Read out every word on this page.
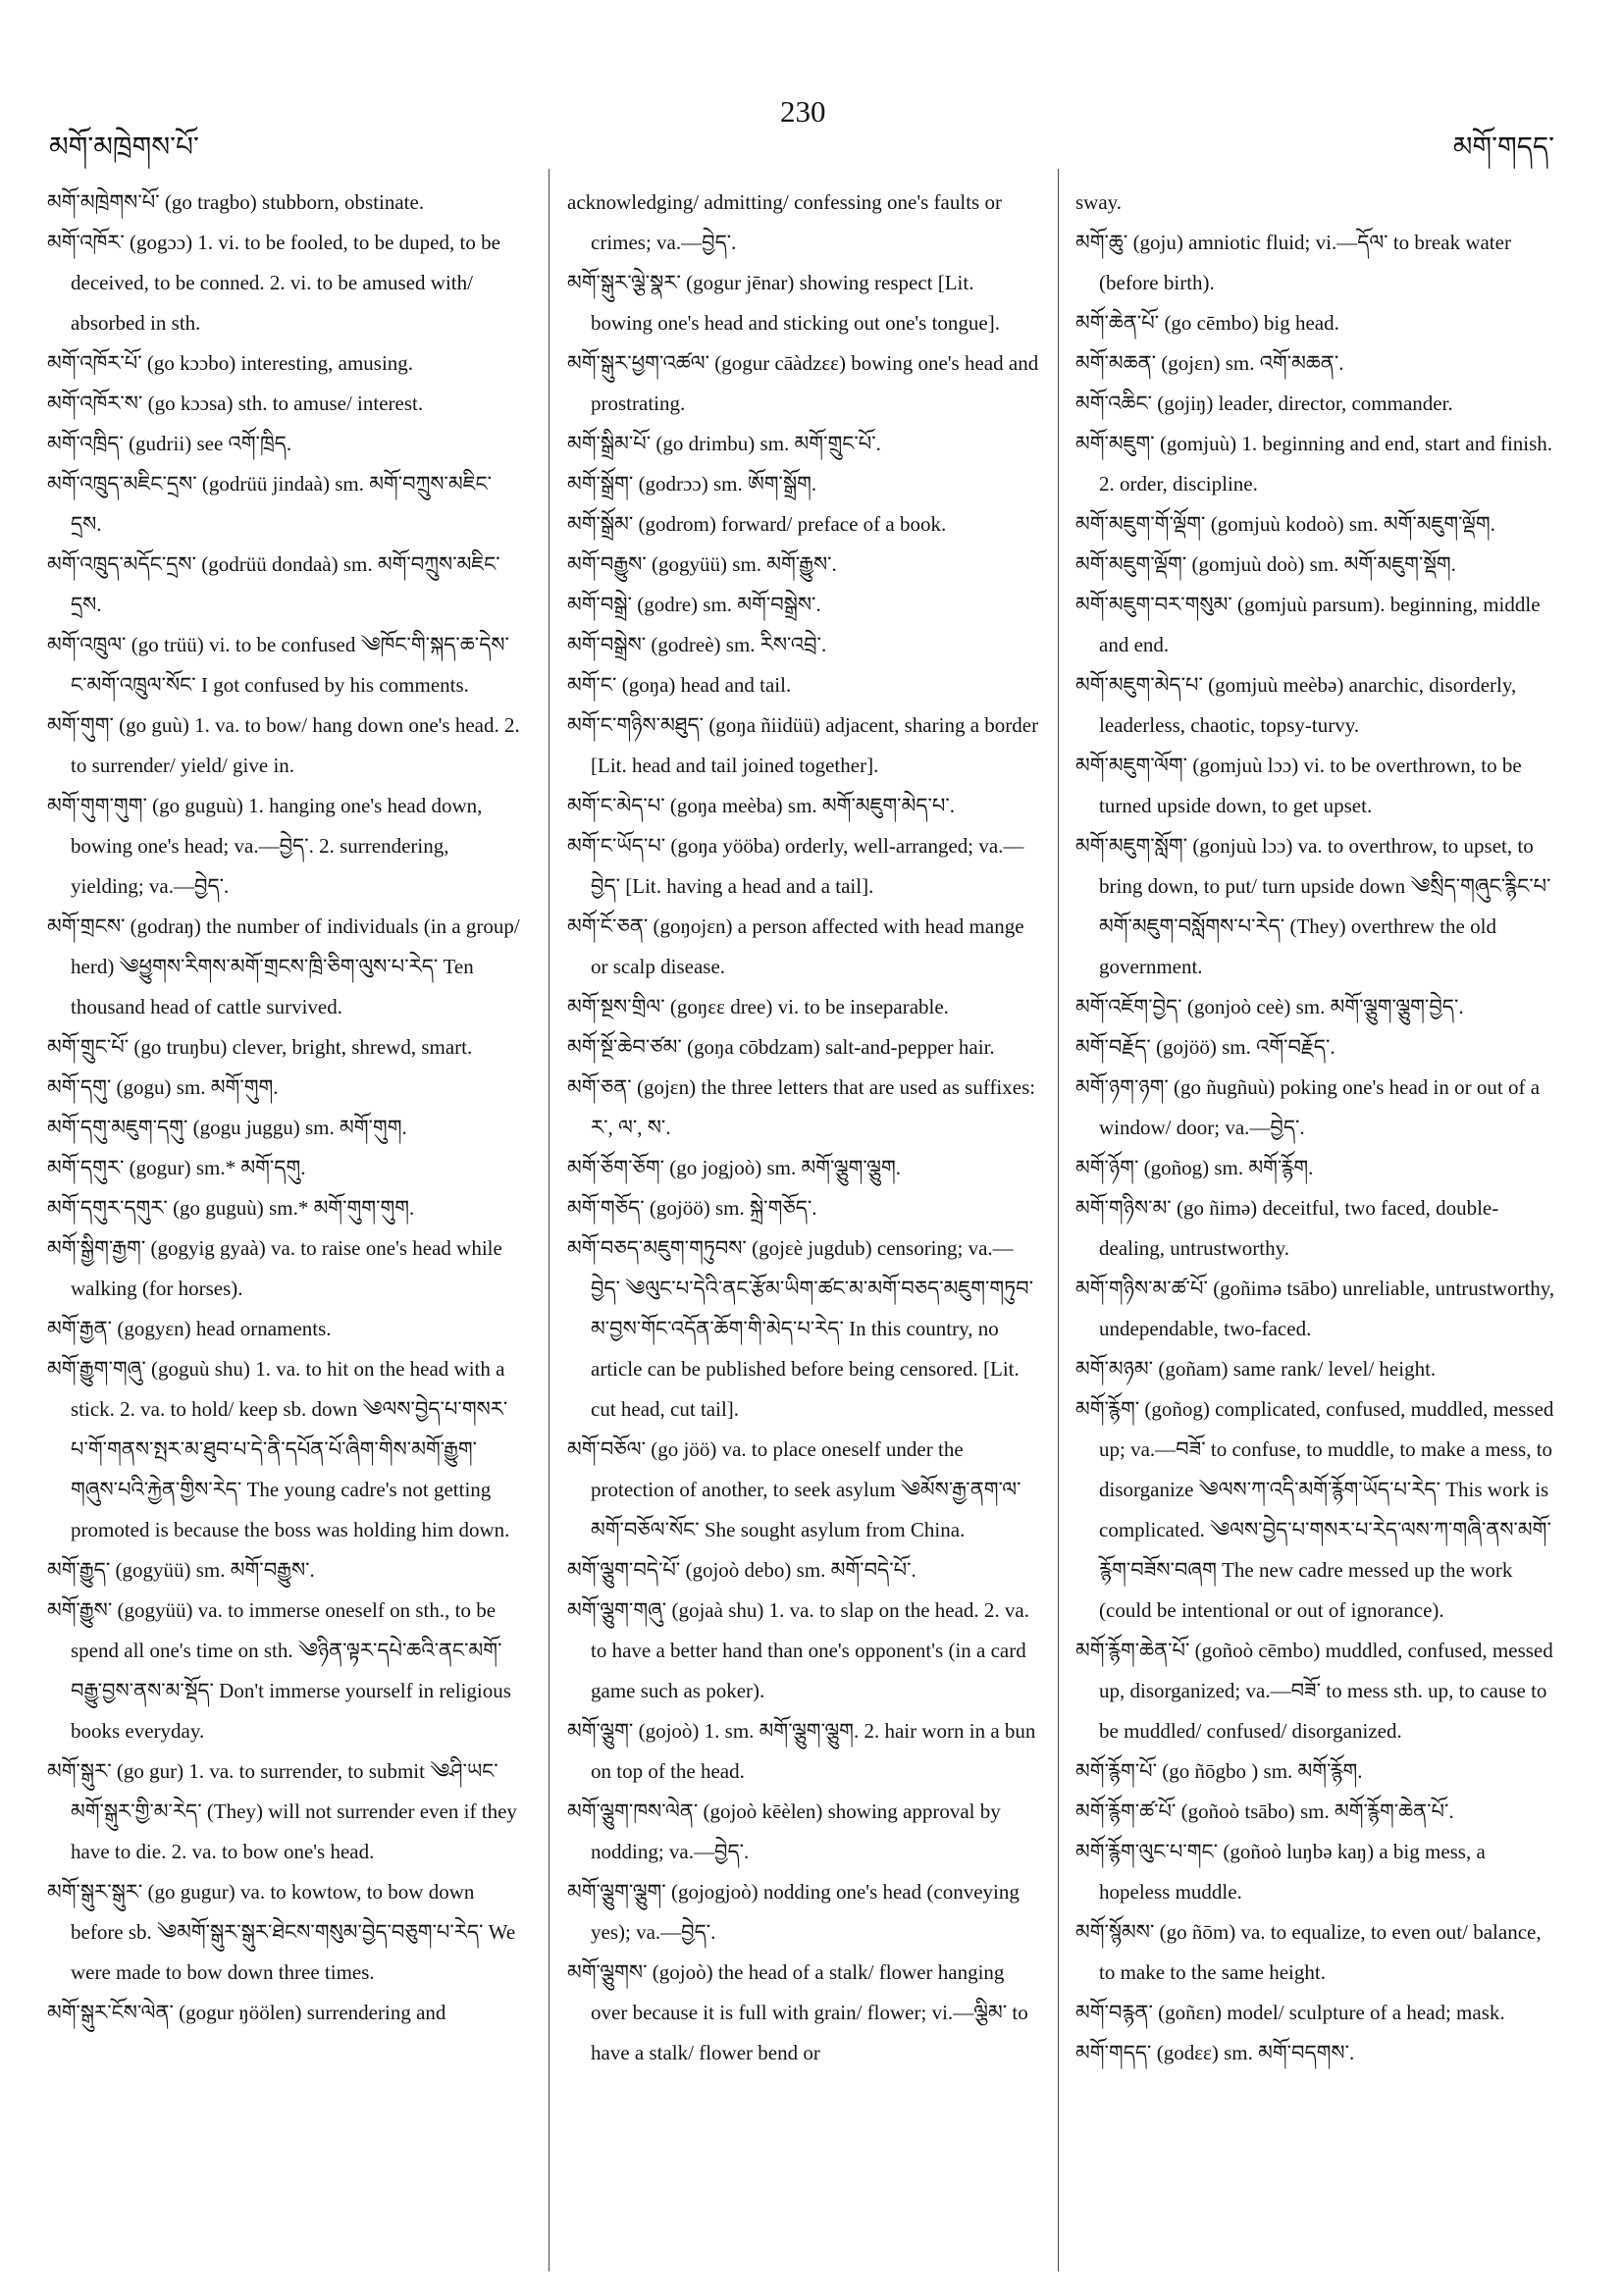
མགོ་མཁྲེགས་པོ་
230
མགོ་གདད་

མགོ་མཁྲེགས་པོ་ (go tragbo) stubborn, obstinate.

མགོ་འཁོར་ (gogɔɔ) 1. vi. to be fooled, to be duped, to be deceived, to be conned. 2. vi. to be amused with/ absorbed in sth.

མགོ་འཁོར་པོ་ (go kɔɔbo) interesting, amusing.

མགོ་འཁོར་ས་ (go kɔɔsa) sth. to amuse/ interest.

མགོ་འཁྲིད་ (gudrii) see འགོ་ཁྲིད.

མགོ་འཁྲུད་མཇིང་དྲས་ (godrüü jindaà) sm. མགོ་བཀྲུས་མཇིང་དྲས.

མགོ་འཁྲུད་མདོང་དྲས་ (godrüü dondaà) sm. མགོ་བཀྲུས་མཇིང་དྲས.

མགོ་འཁྲུལ་ (go trüü) vi. to be confused ༄ཁོང་གི་སྐད་ཆ་དེས་ང་མགོ་འཁྲུལ་སོང་ I got confused by his comments.

མགོ་གུག་ (go guù) 1. va. to bow/ hang down one's head. 2. to surrender/ yield/ give in.

མགོ་གུག་གུག་ (go guguù) 1. hanging one's head down, bowing one's head; va.—བྱེད་. 2. surrendering, yielding; va.—བྱེད་.

མགོ་གྲངས་ (godraŋ) the number of individuals (in a group/ herd) ༄ཕྱུགས་རིགས་མགོ་གྲངས་ཁྲི་ཅིག་ལུས་པ་རེད་ Ten thousand head of cattle survived.

མགོ་གྲུང་པོ་ (go truŋbu) clever, bright, shrewd, smart.

མགོ་དགུ་ (gogu) sm. མགོ་གུག.

མགོ་དགུ་མཇུག་དགུ་ (gogu juggu) sm. མགོ་གུག.

མགོ་དགུར་ (gogur) sm.* མགོ་དགུ.

མགོ་དགུར་དགུར་ (go guguù) sm.* མགོ་གུག་གུག.

མགོ་སྒྱིག་རྒྱག་ (gogyig gyaà) va. to raise one's head while walking (for horses).

མགོ་རྒྱན་ (gogyɛn) head ornaments.

མགོ་རྒྱུག་གཞུ་ (goguù shu) 1. va. to hit on the head with a stick. 2. va. to hold/ keep sb. down ༄ལས་བྱེད་པ་གསར་པ་གོ་གནས་སྤར་མ་ཐུབ་པ་དེ་ནི་དཔོན་པོ་ཞིག་གིས་མགོ་རྒྱུག་གཞུས་པའི་རྐྱེན་གྱིས་རེད་ The young cadre's not getting promoted is because the boss was holding him down.

མགོ་རྒྱུད་ (gogyüü) sm. མགོ་བརྒྱུས་.

མགོ་རྒྱུས་ (gogyüü) va. to immerse oneself on sth., to be spend all one's time on sth. ༄ཉིན་ལྟར་དཔེ་ཆའི་ནང་མགོ་བརྒྱུ་བྱས་ནས་མ་སྡོད་ Don't immerse yourself in religious books everyday.

མགོ་སྒུར་ (go gur) 1. va. to surrender, to submit ༄ཤི་ཡང་མགོ་སྒུར་གྱི་མ་རེད་ (They) will not surrender even if they have to die. 2. va. to bow one's head.

མགོ་སྒུར་སྒུར་ (go gugur) va. to kowtow, to bow down before sb. ༄མགོ་སྒུར་སྒུར་ཐེངས་གསུམ་བྱེད་བཅུག་པ་རེད་ We were made to bow down three times.

མགོ་སྒུར་ངོས་ལེན་ (gogur ŋöölen) surrendering and

acknowledging/ admitting/ confessing one's faults or crimes; va.—བྱེད་.

མགོ་སྒུར་ལྕེ་སྣར་ (gogur jēnar) showing respect [Lit. bowing one's head and sticking out one's tongue].

མགོ་སྒུར་ཕྱག་འཚལ་ (gogur cāàdzɛɛ) bowing one's head and prostrating.

མགོ་སྒྲིམ་པོ་ (go drimbu) sm. མགོ་གྲུང་པོ་.

མགོ་སྒྲོག་ (godrɔɔ) sm. ཨོག་སྒྲོག.

མགོ་སྒྲོམ་ (godrom) forward/ preface of a book.

མགོ་བརྒྱུས་ (gogyüü) sm. མགོ་རྒྱུས་.

མགོ་བསྒྲེ་ (godre) sm. མགོ་བསྒྲེས་.

མགོ་བསྒྲེས་ (godreè) sm. རིས་འབྲེ་.

མགོ་ང་ (goŋa) head and tail.

མགོ་ང་གཉིས་མཐུད་ (goŋa ñiidüü) adjacent, sharing a border [Lit. head and tail joined together].

མགོ་ང་མེད་པ་ (goŋa meèba) sm. མགོ་མཇུག་མེད་པ་.

མགོ་ང་ཡོད་པ་ (goŋa yööba) orderly, well-arranged; va.—བྱེད་ [Lit. having a head and a tail].

མགོ་ངོ་ཅན་ (goŋojɛn) a person affected with head mange or scalp disease.

མགོ་སྔས་གྲིལ་ (goŋɛɛ dree) vi. to be inseparable.

མགོ་སྔོ་ཆེབ་ཙམ་ (goŋa cōbdzam) salt-and-pepper hair.

མགོ་ཅན་ (gojɛn) the three letters that are used as suffixes: ར་, ལ་, ས་.

མགོ་ཅོག་ཅོག་ (go jogjoò) sm. མགོ་ལྕུག་ལྕུག.

མགོ་གཅོད་ (gojöö) sm. སྐྲེ་གཅོད་.

མགོ་བཅད་མཇུག་གཏུབས་ (gojɛè jugdub) censoring; va.—བྱེད་ ༄ལུང་པ་དེའི་ནང་རྩོམ་ཡིག་ཚང་མ་མགོ་བཅད་མཇུག་གཏུབ་མ་བྱས་གོང་འདོན་ཆོག་གི་མེད་པ་རེད་ In this country, no article can be published before being censored. [Lit. cut head, cut tail].

མགོ་བཅོལ་ (go jöö) va. to place oneself under the protection of another, to seek asylum ༄མོས་རྒྱ་ནག་ལ་མགོ་བཅོལ་སོང་ She sought asylum from China.

མགོ་ལྕུག་བདེ་པོ་ (gojoò debo) sm. མགོ་བདེ་པོ་.

མགོ་ལྕུག་གཞུ་ (gojaà shu) 1. va. to slap on the head. 2. va. to have a better hand than one's opponent's (in a card game such as poker).

མགོ་ལྕུག་ (gojoò) 1. sm. མགོ་ལྕུག་ལྕུག. 2. hair worn in a bun on top of the head.

མགོ་ལྕུག་ཁས་ལེན་ (gojoò kēèlen) showing approval by nodding; va.—བྱེད་.

མགོ་ལྕུག་ལྕུག་ (gojogjoò) nodding one's head (conveying yes); va.—བྱེད་.

མགོ་ལྕུགས་ (gojoò) the head of a stalk/ flower hanging over because it is full with grain/ flower; vi.—ལྕིམ་ to have a stalk/ flower bend or

sway.

མགོ་ཆུ་ (goju) amniotic fluid; vi.—དོལ་ to break water (before birth).

མགོ་ཆེན་པོ་ (go cēmbo) big head.

མགོ་མཆན་ (gojɛn) sm. འགོ་མཆན་.

མགོ་འཆིང་ (gojiŋ) leader, director, commander.

མགོ་མཇུག་ (gomjuù) 1. beginning and end, start and finish. 2. order, discipline.

མགོ་མཇུག་གོ་ལྡོག་ (gomjuù kodoò) sm. མགོ་མཇུག་ལྡོག.

མགོ་མཇུག་ལྡོག་ (gomjuù doò) sm. མགོ་མཇུག་སྡོག.

མགོ་མཇུག་བར་གསུམ་ (gomjuù parsum). beginning, middle and end.

མགོ་མཇུག་མེད་པ་ (gomjuù meèbə) anarchic, disorderly, leaderless, chaotic, topsy-turvy.

མགོ་མཇུག་ལོག་ (gomjuù lɔɔ) vi. to be overthrown, to be turned upside down, to get upset.

མགོ་མཇུག་སློག་ (gonjuù lɔɔ) va. to overthrow, to upset, to bring down, to put/ turn upside down ༄སྲིད་གཞུང་རྙིང་པ་མགོ་མཇུག་བསློགས་པ་རེད་ (They) overthrew the old government.

མགོ་འཇོག་བྱེད་ (gonjoò ceè) sm. མགོ་ལྕུག་ལྕུག་བྱེད་.

མགོ་བརྗོད་ (gojöö) sm. འགོ་བརྗོད་.

མགོ་ཉག་ཉག་ (go ñugñuù) poking one's head in or out of a window/ door; va.—བྱེད་.

མགོ་ཉོག་ (goñog) sm. མགོ་རྙོག.

མགོ་གཉིས་མ་ (go ñimə) deceitful, two faced, double-dealing, untrustworthy.

མགོ་གཉིས་མ་ཚ་པོ་ (goñimə tsābo) unreliable, untrustworthy, undependable, two-faced.

མགོ་མཉམ་ (goñam) same rank/ level/ height.

མགོ་རྙོག་ (goñog) complicated, confused, muddled, messed up; va.—བཟོ་ to confuse, to muddle, to make a mess, to disorganize ༄ལས་ཀ་འདི་མགོ་རྙོག་ཡོད་པ་རེད་ This work is complicated. ༄ལས་བྱེད་པ་གསར་པ་རེད་ལས་ཀ་གཞི་ནས་མགོ་རྙོག་བཟོས་བཞག The new cadre messed up the work (could be intentional or out of ignorance).

མགོ་རྙོག་ཆེན་པོ་ (goñoò cēmbo) muddled, confused, messed up, disorganized; va.—བཟོ་ to mess sth. up, to cause to be muddled/ confused/ disorganized.

མགོ་རྙོག་པོ་ (go ñōgbo ) sm. མགོ་རྙོག.

མགོ་རྙོག་ཚ་པོ་ (goñoò tsābo) sm. མགོ་རྙོག་ཆེན་པོ་.

མགོ་རྙོག་ལུང་པ་གང་ (goñoò luŋbə kaŋ) a big mess, a hopeless muddle.

མགོ་སྙོམས་ (go ñōm) va. to equalize, to even out/ balance, to make to the same height.

མགོ་བརྙན་ (goñɛn) model/ sculpture of a head; mask.

མགོ་གདད་ (godɛɛ) sm. མགོ་བདགས་.
